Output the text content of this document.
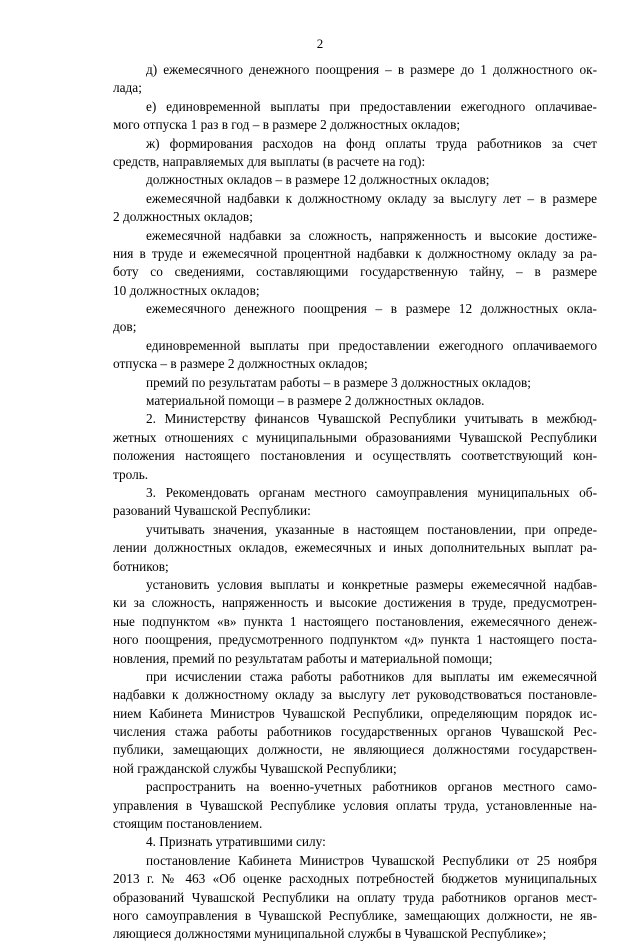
2
д) ежемесячного денежного поощрения – в размере до 1 должностного ок-
лада;
е) единовременной выплаты при предоставлении ежегодного оплачивае-
мого отпуска 1 раз в год – в размере 2 должностных окладов;
ж) формирования расходов на фонд оплаты труда работников за счет
средств, направляемых для выплаты (в расчете на год):
должностных окладов – в размере 12 должностных окладов;
ежемесячной надбавки к должностному окладу за выслугу лет – в размере
2 должностных окладов;
ежемесячной надбавки за сложность, напряженность и высокие достиже-
ния в труде и ежемесячной процентной надбавки к должностному окладу за ра-
боту со сведениями, составляющими государственную тайну, – в размере
10 должностных окладов;
ежемесячного денежного поощрения – в размере 12 должностных окла-
дов;
единовременной выплаты при предоставлении ежегодного оплачиваемого
отпуска – в размере 2 должностных окладов;
премий по результатам работы – в размере 3 должностных окладов;
материальной помощи – в размере 2 должностных окладов.
2. Министерству финансов Чувашской Республики учитывать в межбюд-
жетных отношениях с муниципальными образованиями Чувашской Республики
положения настоящего постановления и осуществлять соответствующий кон-
троль.
3. Рекомендовать органам местного самоуправления муниципальных об-
разований Чувашской Республики:
учитывать значения, указанные в настоящем постановлении, при опреде-
лении должностных окладов, ежемесячных и иных дополнительных выплат ра-
ботников;
установить условия выплаты и конкретные размеры ежемесячной надбав-
ки за сложность, напряженность и высокие достижения в труде, предусмотрен-
ные подпунктом «в» пункта 1 настоящего постановления, ежемесячного денеж-
ного поощрения, предусмотренного подпунктом «д» пункта 1 настоящего поста-
новления, премий по результатам работы и материальной помощи;
при исчислении стажа работы работников для выплаты им ежемесячной
надбавки к должностному окладу за выслугу лет руководствоваться постановле-
нием Кабинета Министров Чувашской Республики, определяющим порядок ис-
числения стажа работы работников государственных органов Чувашской Рес-
публики, замещающих должности, не являющиеся должностями государствен-
ной гражданской службы Чувашской Республики;
распространить на военно-учетных работников органов местного само-
управления в Чувашской Республике условия оплаты труда, установленные на-
стоящим постановлением.
4. Признать утратившими силу:
постановление Кабинета Министров Чувашской Республики от 25 ноября
2013 г. № 463 «Об оценке расходных потребностей бюджетов муниципальных
образований Чувашской Республики на оплату труда работников органов мест-
ного самоуправления в Чувашской Республике, замещающих должности, не яв-
ляющиеся должностями муниципальной службы в Чувашской Республике»;
